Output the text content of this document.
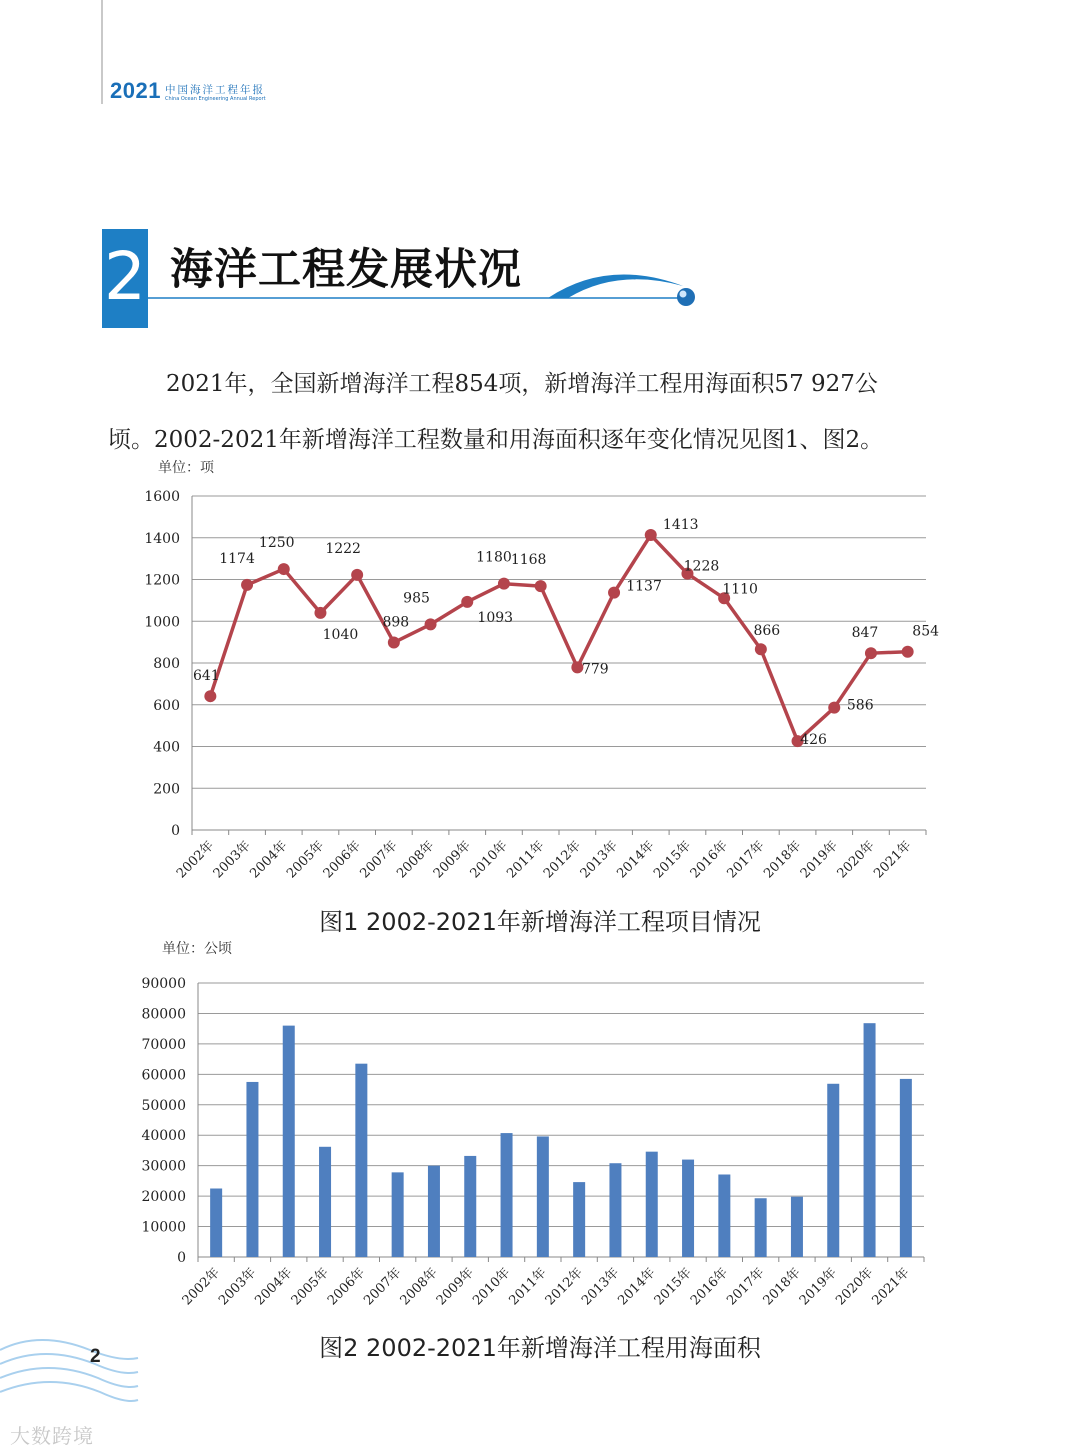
2021 中国海洋工程年报
China Ocean Engineering Annual Report
2 海洋工程发展状况
2021年，全国新增海洋工程854项，新增海洋工程用海面积57 927公
顷。2002-2021年新增海洋工程数量和用海面积逐年变化情况见图1、图2。
单位：项
0
200
400
600
800
1000
1200
1400
1600
2002年
2003年
2004年
2005年
2006年
2007年
2008年
2009年
2010年
2011年
2012年
2013年
2014年
2015年
2016年
2017年
2018年
2019年
2020年
2021年
641
1174
1250
1040
1222
898
985
1093
1180 1168
779
1137
1413
1228
1110
866
426
586
847 854
图1 2002-2021年新增海洋工程项目情况
单位：公顷
0
10000
20000
30000
40000
50000
60000
70000
80000
90000
2002年
2003年
2004年
2005年
2006年
2007年
2008年
2009年
2010年
2011年
2012年
2013年
2014年
2015年
2016年
2017年
2018年
2019年
2020年
2021年
图2 2002-2021年新增海洋工程用海面积
2
大数跨境
